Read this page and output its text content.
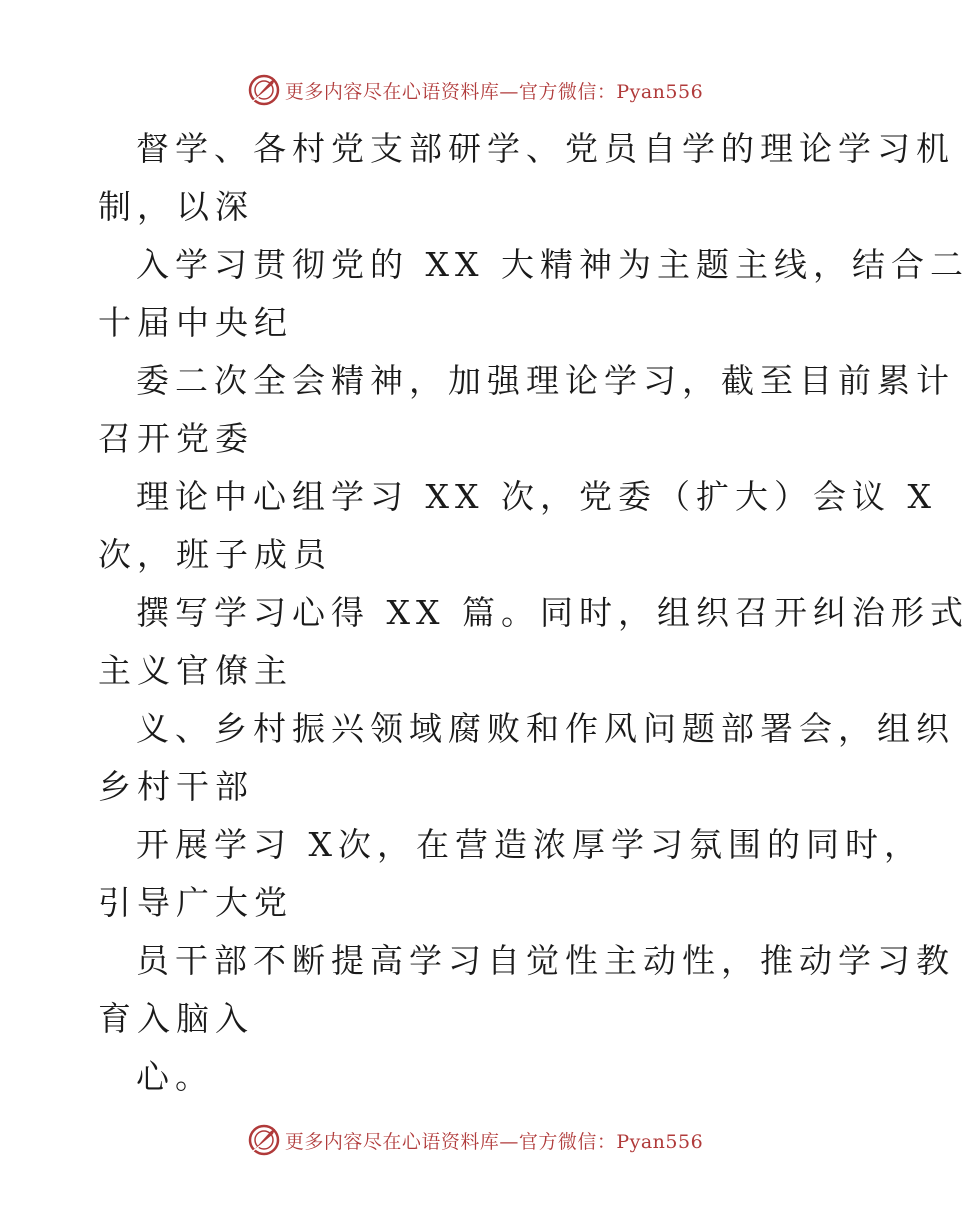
更多内容尽在心语资料库—官方微信：Pyan556
督学、各村党支部研学、党员自学的理论学习机
制，以深
入学习贯彻党的 XX 大精神为主题主线，结合二
十届中央纪
委二次全会精神，加强理论学习，截至目前累计
召开党委
理论中心组学习 XX 次，党委（扩大）会议 X
次，班子成员
撰写学习心得 XX 篇。同时，组织召开纠治形式
主义官僚主
义、乡村振兴领域腐败和作风问题部署会，组织
乡村干部
开展学习 X次，在营造浓厚学习氛围的同时，
引导广大党
员干部不断提高学习自觉性主动性，推动学习教
育入脑入
心。
更多内容尽在心语资料库—官方微信：Pyan556
